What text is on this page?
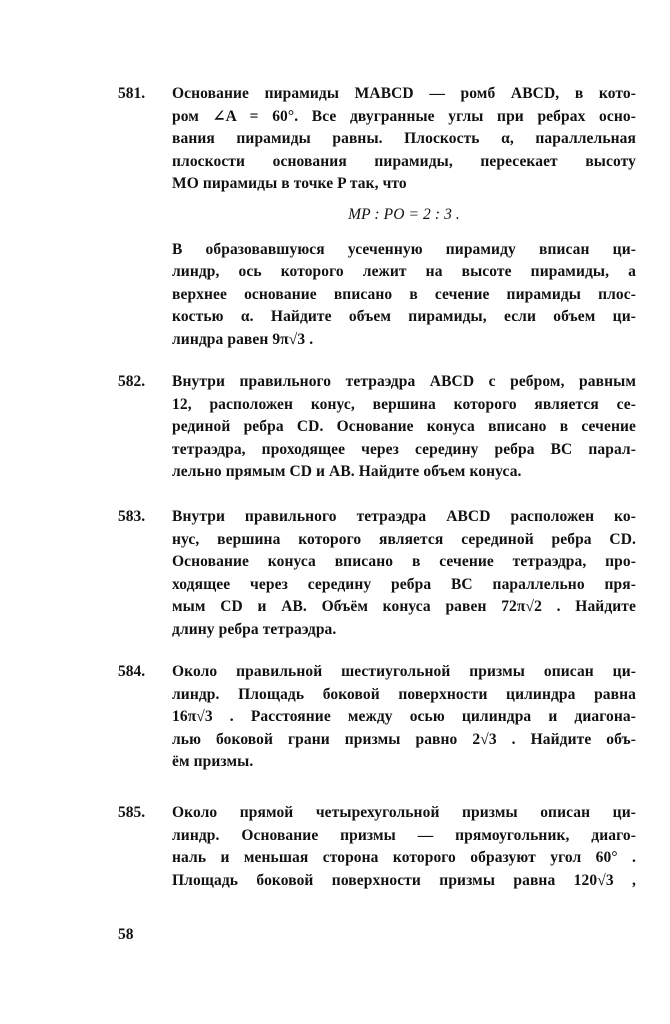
581. Основание пирамиды MABCD — ромб ABCD, в кото-
ром ∠A = 60°. Все двугранные углы при ребрах осно-
вания пирамиды равны. Плоскость α, параллельная
плоскости основания пирамиды, пересекает высоту
MO пирамиды в точке P так, что
MP : PO = 2 : 3 .
В образовавшуюся усеченную пирамиду вписан ци-
линдр, ось которого лежит на высоте пирамиды, а
верхнее основание вписано в сечение пирамиды плос-
костью α. Найдите объем пирамиды, если объем ци-
линдра равен 9π√3 .
582. Внутри правильного тетраэдра ABCD с ребром, равным
12, расположен конус, вершина которого является се-
рединой ребра CD. Основание конуса вписано в сечение
тетраэдра, проходящее через середину ребра BC парал-
лельно прямым CD и AB. Найдите объем конуса.
583. Внутри правильного тетраэдра ABCD расположен ко-
нус, вершина которого является серединой ребра CD.
Основание конуса вписано в сечение тетраэдра, про-
ходящее через середину ребра BC параллельно пря-
мым CD и AB. Объём конуса равен 72π√2 . Найдите
длину ребра тетраэдра.
584. Около правильной шестиугольной призмы описан ци-
линдр. Площадь боковой поверхности цилиндра равна
16π√3 . Расстояние между осью цилиндра и диагона-
лью боковой грани призмы равно 2√3 . Найдите объ-
ём призмы.
585. Около прямой четырехугольной призмы описан ци-
линдр. Основание призмы — прямоугольник, диаго-
наль и меньшая сторона которого образуют угол 60° .
Площадь боковой поверхности призмы равна 120√3 ,
58
